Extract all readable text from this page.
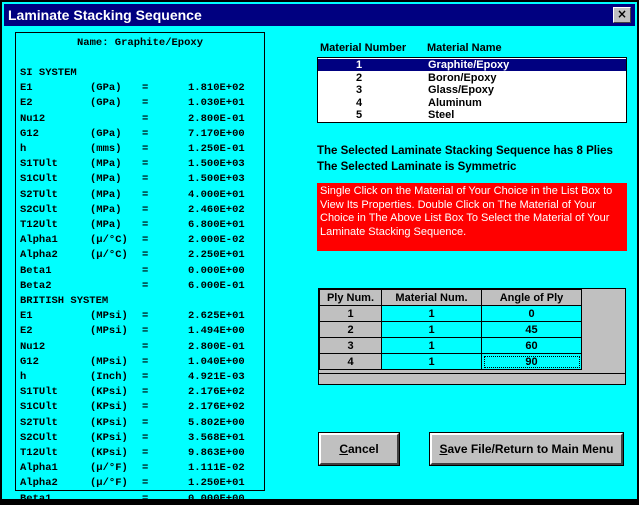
Laminate Stacking Sequence	×
Name: Graphite/Epoxy
SI SYSTEM
E1	(GPa) =	1.810E+02
E2	(GPa) =	1.030E+01
Nu12	=	2.800E-01
G12	(GPa) =	7.170E+00
h	(mms) =	1.250E-01
S1TUlt	(MPa) =	1.500E+03
S1CUlt	(MPa) =	1.500E+03
S2TUlt	(MPa) =	4.000E+01
S2CUlt	(MPa) =	2.460E+02
T12Ult	(MPa) =	6.800E+01
Alpha1	(µ/°C) =	2.000E-02
Alpha2	(µ/°C) =	2.250E+01
Beta1	=	0.000E+00
Beta2	=	6.000E-01
BRITISH SYSTEM
E1	(MPsi) =	2.625E+01
E2	(MPsi) =	1.494E+00
Nu12	=	2.800E-01
G12	(MPsi) =	1.040E+00
h	(Inch) =	4.921E-03
S1TUlt	(KPsi) =	2.176E+02
S1CUlt	(KPsi) =	2.176E+02
S2TUlt	(KPsi) =	5.802E+00
S2CUlt	(KPsi) =	3.568E+01
T12Ult	(KPsi) =	9.863E+00
Alpha1	(µ/°F) =	1.111E-02
Alpha2	(µ/°F) =	1.250E+01
Beta1	=	0.000E+00
Material Number Material Name
1	Graphite/Epoxy
2	Boron/Epoxy
3	Glass/Epoxy
4	Aluminum
5	Steel
The Selected Laminate Stacking Sequence has 8 Plies
The Selected Laminate is Symmetric
Single Click on the Material of Your Choice in the List Box to View Its Properties. Double Click on The Material of Your Choice in The Above List Box To Select the Material of Your Laminate Stacking Sequence.
Ply Num.	Material Num.	Angle of Ply
1	1	0
2	1	45
3	1	60
4	1	90
Cancel	Save File/Return to Main Menu
